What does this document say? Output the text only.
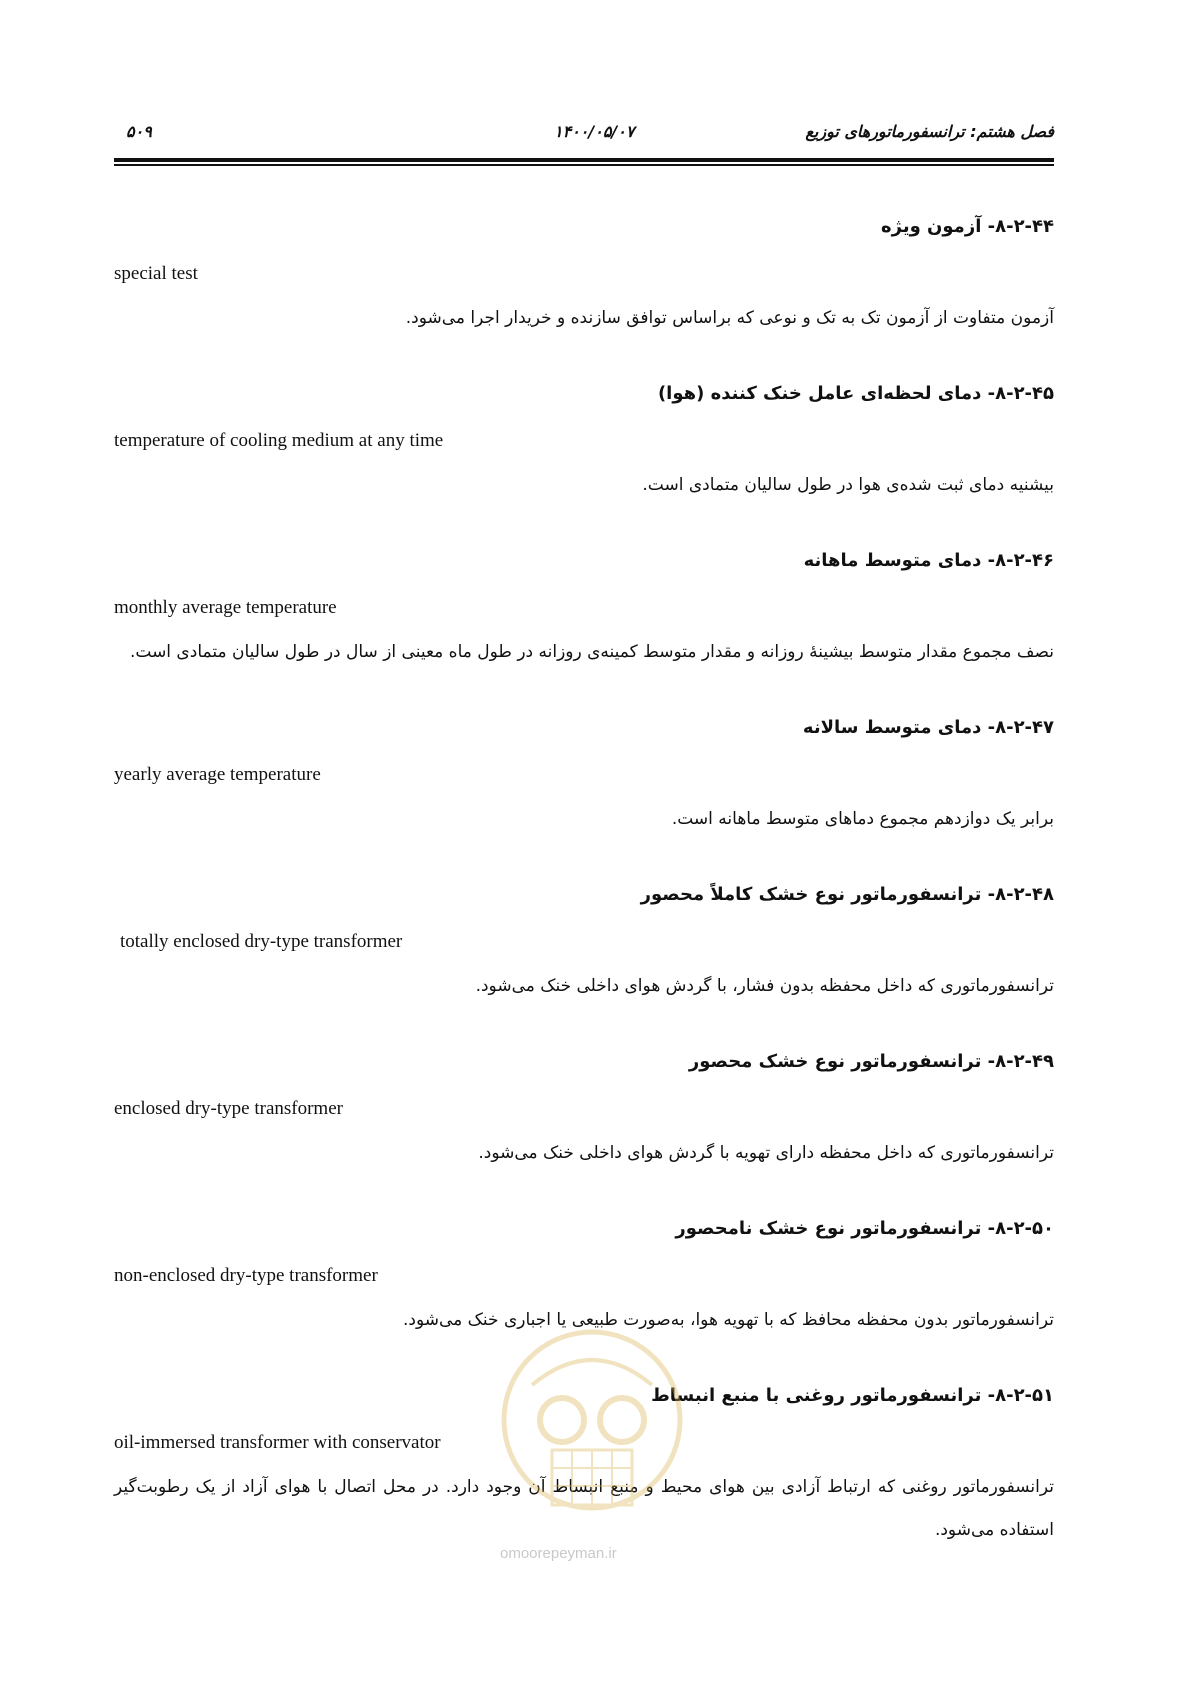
فصل هشتم: ترانسفورماتورهای توزیع
۱۴۰۰/۰۵/۰۷
۵۰۹

۸-۲-۴۴- آزمون ویژه

special test

آزمون متفاوت از آزمون تک به تک و نوعی که براساس توافق سازنده و خریدار اجرا می‌شود.

۸-۲-۴۵- دمای لحظه‌ای عامل خنک کننده (هوا)

temperature of cooling medium at any time

بیشنیه دمای ثبت شده‌ی هوا در طول سالیان متمادی است.

۸-۲-۴۶- دمای متوسط ماهانه

monthly average temperature

نصف مجموع مقدار متوسط بیشینهٔ روزانه و مقدار متوسط کمینه‌ی روزانه در طول ماه معینی از سال در طول سالیان متمادی است.

۸-۲-۴۷- دمای متوسط سالانه

yearly average temperature

برابر یک دوازدهم مجموع دماهای متوسط ماهانه است.

۸-۲-۴۸- ترانسفورماتور نوع خشک کاملاً محصور

totally enclosed dry-type transformer

ترانسفورماتوری که داخل محفظه بدون فشار، با گردش هوای داخلی خنک می‌شود.

۸-۲-۴۹- ترانسفورماتور نوع خشک محصور

enclosed dry-type transformer

ترانسفورماتوری که داخل محفظه دارای تهویه با گردش هوای داخلی خنک می‌شود.

۸-۲-۵۰- ترانسفورماتور نوع خشک نامحصور

non-enclosed dry-type transformer

ترانسفورماتور بدون محفظه محافظ که با تهویه هوا، به‌صورت طبیعی یا اجباری خنک می‌شود.

۸-۲-۵۱- ترانسفورماتور روغنی با منبع انبساط

oil-immersed transformer with conservator

ترانسفورماتور روغنی که ارتباط آزادی بین هوای محیط و منبع انبساط آن وجود دارد. در محل اتصال با هوای آزاد از یک رطوبت‌گیر استفاده می‌شود.

omoorepeyman.ir
